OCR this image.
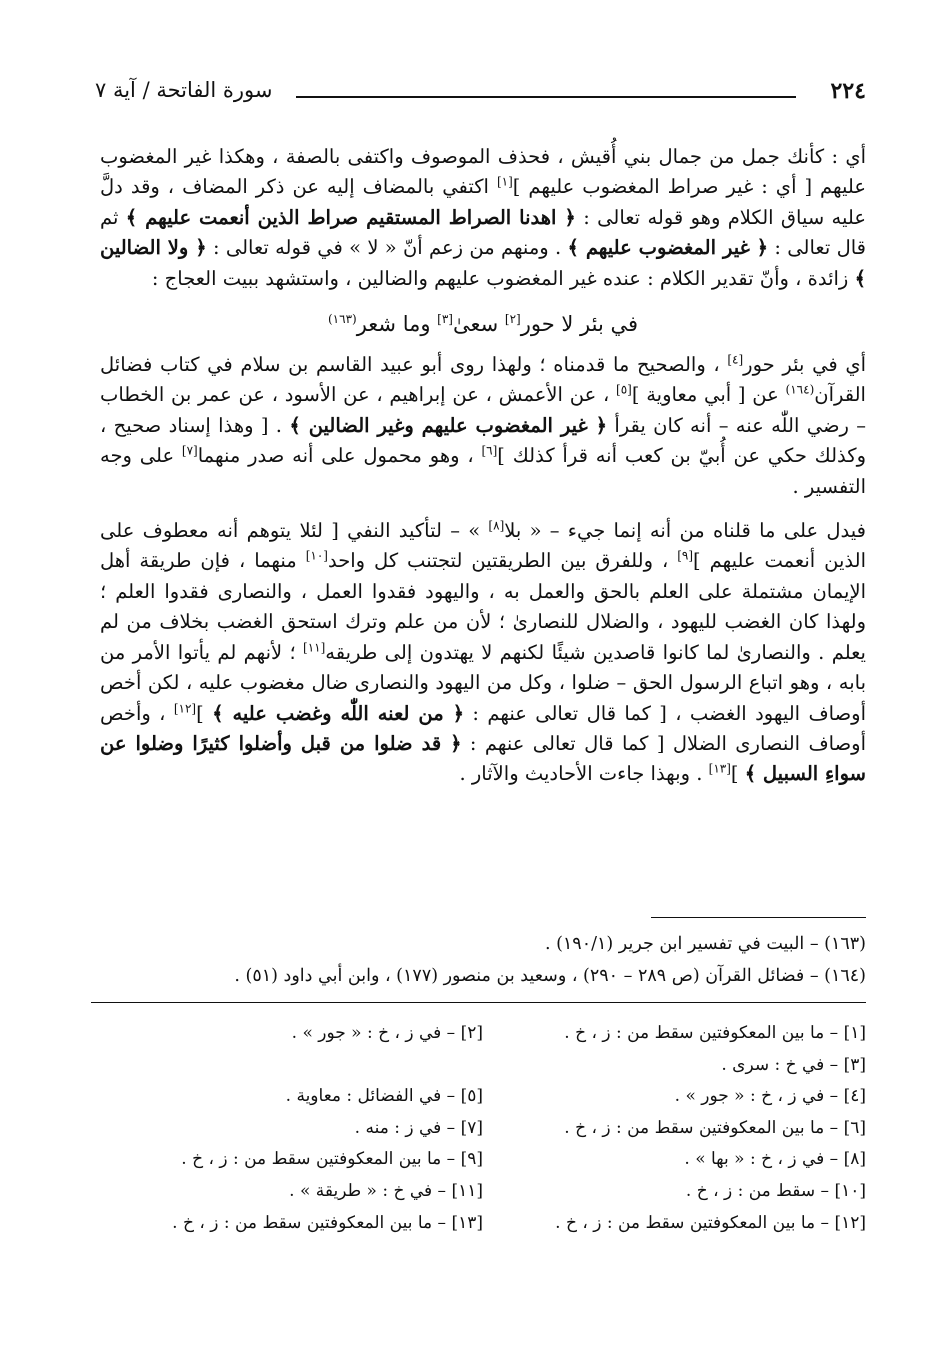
٢٢٤
سورة الفاتحة / آية ٧

أي : كأنك جمل من جمال بني أُقيش ، فحذف الموصوف واكتفى بالصفة ، وهكذا غير المغضوب عليهم [ أي : غير صراط المغضوب عليهم ][١] اكتفي بالمضاف إليه عن ذكر المضاف ، وقد دلَّ عليه سياق الكلام وهو قوله تعالى : ﴿ اهدنا الصراط المستقيم صراط الذين أنعمت عليهم ﴾ ثم قال تعالى : ﴿ غير المغضوب عليهم ﴾ . ومنهم من زعم أنّ « لا » في قوله تعالى : ﴿ ولا الضالين ﴾ زائدة ، وأنّ تقدير الكلام : عنده غير المغضوب عليهم والضالين ، واستشهد ببيت العجاج :

في بئر لا حور[٢] سعىٰ[٣] وما شعر$^{(١٦٣)}$

أي في بئر حور[٤] ، والصحيح ما قدمناه ؛ ولهذا روى أبو عبيد القاسم بن سلام في كتاب فضائل القرآن$^{(١٦٤)}$ عن [ أبي معاوية ][٥] ، عن الأعمش ، عن إبراهيم ، عن الأسود ، عن عمر بن الخطاب – رضي اللّٰه عنه – أنه كان يقرأ ﴿ غير المغضوب عليهم وغير الضالين ﴾ . [ وهذا إسناد صحيح ، وكذلك حكي عن أُبيّ بن كعب أنه قرأ كذلك ][٦] ، وهو محمول على أنه صدر منهما[٧] على وجه التفسير .

فيدل على ما قلناه من أنه إنما جيء – « بلا[٨] » – لتأكيد النفي [ لئلا يتوهم أنه معطوف على الذين أنعمت عليهم ][٩] ، وللفرق بين الطريقتين لتجتنب كل واحد[١٠] منهما ، فإن طريقة أهل الإيمان مشتملة على العلم بالحق والعمل به ، واليهود فقدوا العمل ، والنصارى فقدوا العلم ؛ ولهذا كان الغضب لليهود ، والضلال للنصارىٰ ؛ لأن من علم وترك استحق الغضب بخلاف من لم يعلم . والنصارىٰ لما كانوا قاصدين شيئًا لكنهم لا يهتدون إلى طريقه[١١] ؛ لأنهم لم يأتوا الأمر من بابه ، وهو اتباع الرسول الحق – ضلوا ، وكل من اليهود والنصارى ضال مغضوب عليه ، لكن أخص أوصاف اليهود الغضب ، [ كما قال تعالى عنهم : ﴿ من لعنه اللّٰه وغضب عليه ﴾ ][١٢] ، وأخص أوصاف النصارى الضلال [ كما قال تعالى عنهم : ﴿ قد ضلوا من قبل وأضلوا كثيرًا وضلوا عن سواءِ السبيل ﴾ ][١٣] . وبهذا جاءت الأحاديث والآثار .

(١٦٣) – البيت في تفسير ابن جرير (١٩٠/١) .
(١٦٤) – فضائل القرآن (ص ٢٨٩ – ٢٩٠) ، وسعيد بن منصور (١٧٧) ، وابن أبي داود (٥١) .
[١] – ما بين المعكوفتين سقط من : ز ، خ .
[٢] – في ز ، خ : « جور » .
[٣] – في خ : سرى .
[٤] – في ز ، خ : « جور » .
[٥] – في الفضائل : معاوية .
[٦] – ما بين المعكوفتين سقط من : ز ، خ .
[٧] – في ز : منه .
[٨] – في ز ، خ : « بها » .
[٩] – ما بين المعكوفتين سقط من : ز ، خ .
[١٠] – سقط من : ز ، خ .
[١١] – في خ : « طريقة » .
[١٢] – ما بين المعكوفتين سقط من : ز ، خ .
[١٣] – ما بين المعكوفتين سقط من : ز ، خ .
